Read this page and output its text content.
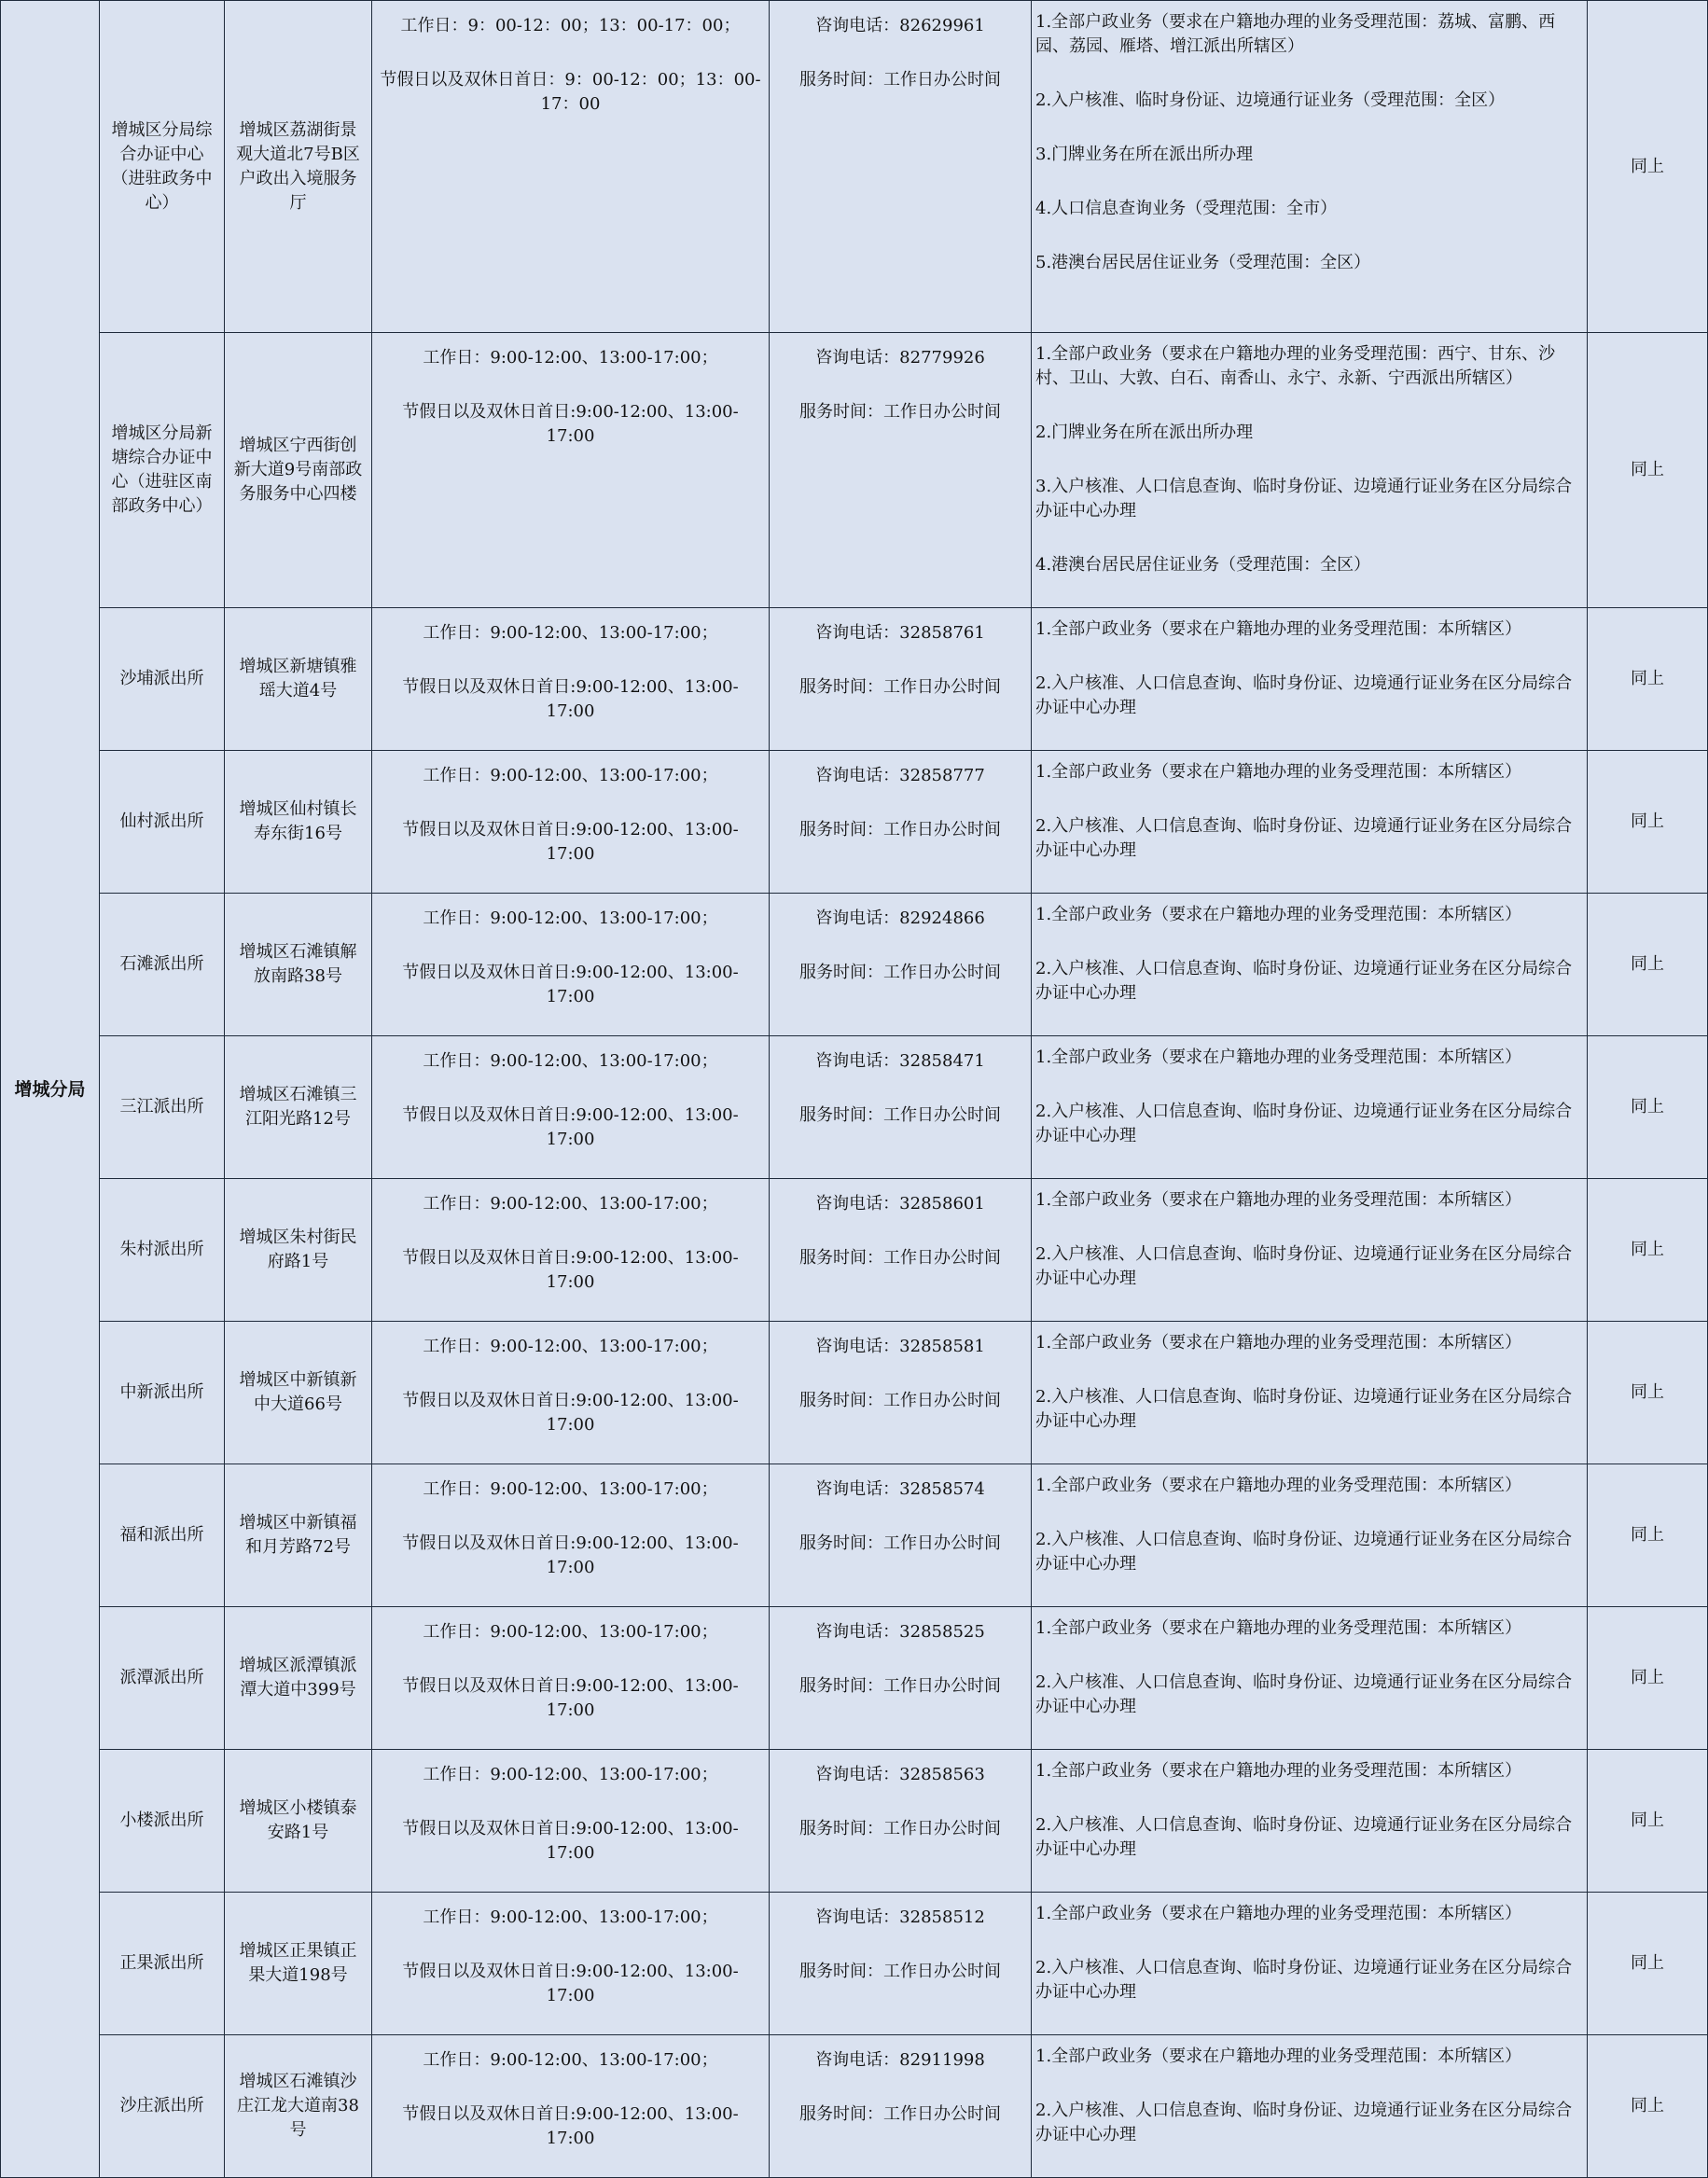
增城分局	增城区分局综合办证中心（进驻政务中心）	增城区荔湖街景观大道北7号B区户政出入境服务厅	工作日：9：00-12：00；13：00-17：00；
节假日以及双休日首日：9：00-12：00；13：00-17：00	咨询电话：82629961
服务时间：工作日办公时间	1.全部户政业务（要求在户籍地办理的业务受理范围：荔城、富鹏、西园、荔园、雁塔、增江派出所辖区）
2.入户核准、临时身份证、边境通行证业务（受理范围：全区）
3.门牌业务在所在派出所办理
4.人口信息查询业务（受理范围：全市）
5.港澳台居民居住证业务（受理范围：全区）	同上
	增城区分局新塘综合办证中心（进驻区南部政务中心）	增城区宁西街创新大道9号南部政务服务中心四楼	工作日：9:00-12:00、13:00-17:00；
节假日以及双休日首日:9:00-12:00、13:00-17:00	咨询电话：82779926
服务时间：工作日办公时间	1.全部户政业务（要求在户籍地办理的业务受理范围：西宁、甘东、沙村、卫山、大敦、白石、南香山、永宁、永新、宁西派出所辖区）
2.门牌业务在所在派出所办理
3.入户核准、人口信息查询、临时身份证、边境通行证业务在区分局综合办证中心办理
4.港澳台居民居住证业务（受理范围：全区）	同上
	沙埔派出所	增城区新塘镇雅瑶大道4号	工作日：9:00-12:00、13:00-17:00；
节假日以及双休日首日:9:00-12:00、13:00-17:00	咨询电话：32858761
服务时间：工作日办公时间	1.全部户政业务（要求在户籍地办理的业务受理范围：本所辖区）
2.入户核准、人口信息查询、临时身份证、边境通行证业务在区分局综合办证中心办理	同上
	仙村派出所	增城区仙村镇长寿东街16号	工作日：9:00-12:00、13:00-17:00；
节假日以及双休日首日:9:00-12:00、13:00-17:00	咨询电话：32858777
服务时间：工作日办公时间	1.全部户政业务（要求在户籍地办理的业务受理范围：本所辖区）
2.入户核准、人口信息查询、临时身份证、边境通行证业务在区分局综合办证中心办理	同上
	石滩派出所	增城区石滩镇解放南路38号	工作日：9:00-12:00、13:00-17:00；
节假日以及双休日首日:9:00-12:00、13:00-17:00	咨询电话：82924866
服务时间：工作日办公时间	1.全部户政业务（要求在户籍地办理的业务受理范围：本所辖区）
2.入户核准、人口信息查询、临时身份证、边境通行证业务在区分局综合办证中心办理	同上
	三江派出所	增城区石滩镇三江阳光路12号	工作日：9:00-12:00、13:00-17:00；
节假日以及双休日首日:9:00-12:00、13:00-17:00	咨询电话：32858471
服务时间：工作日办公时间	1.全部户政业务（要求在户籍地办理的业务受理范围：本所辖区）
2.入户核准、人口信息查询、临时身份证、边境通行证业务在区分局综合办证中心办理	同上
	朱村派出所	增城区朱村街民府路1号	工作日：9:00-12:00、13:00-17:00；
节假日以及双休日首日:9:00-12:00、13:00-17:00	咨询电话：32858601
服务时间：工作日办公时间	1.全部户政业务（要求在户籍地办理的业务受理范围：本所辖区）
2.入户核准、人口信息查询、临时身份证、边境通行证业务在区分局综合办证中心办理	同上
	中新派出所	增城区中新镇新中大道66号	工作日：9:00-12:00、13:00-17:00；
节假日以及双休日首日:9:00-12:00、13:00-17:00	咨询电话：32858581
服务时间：工作日办公时间	1.全部户政业务（要求在户籍地办理的业务受理范围：本所辖区）
2.入户核准、人口信息查询、临时身份证、边境通行证业务在区分局综合办证中心办理	同上
	福和派出所	增城区中新镇福和月芳路72号	工作日：9:00-12:00、13:00-17:00；
节假日以及双休日首日:9:00-12:00、13:00-17:00	咨询电话：32858574
服务时间：工作日办公时间	1.全部户政业务（要求在户籍地办理的业务受理范围：本所辖区）
2.入户核准、人口信息查询、临时身份证、边境通行证业务在区分局综合办证中心办理	同上
	派潭派出所	增城区派潭镇派潭大道中399号	工作日：9:00-12:00、13:00-17:00；
节假日以及双休日首日:9:00-12:00、13:00-17:00	咨询电话：32858525
服务时间：工作日办公时间	1.全部户政业务（要求在户籍地办理的业务受理范围：本所辖区）
2.入户核准、人口信息查询、临时身份证、边境通行证业务在区分局综合办证中心办理	同上
	小楼派出所	增城区小楼镇泰安路1号	工作日：9:00-12:00、13:00-17:00；
节假日以及双休日首日:9:00-12:00、13:00-17:00	咨询电话：32858563
服务时间：工作日办公时间	1.全部户政业务（要求在户籍地办理的业务受理范围：本所辖区）
2.入户核准、人口信息查询、临时身份证、边境通行证业务在区分局综合办证中心办理	同上
	正果派出所	增城区正果镇正果大道198号	工作日：9:00-12:00、13:00-17:00；
节假日以及双休日首日:9:00-12:00、13:00-17:00	咨询电话：32858512
服务时间：工作日办公时间	1.全部户政业务（要求在户籍地办理的业务受理范围：本所辖区）
2.入户核准、人口信息查询、临时身份证、边境通行证业务在区分局综合办证中心办理	同上
	沙庄派出所	增城区石滩镇沙庄江龙大道南38号	工作日：9:00-12:00、13:00-17:00；
节假日以及双休日首日:9:00-12:00、13:00-17:00	咨询电话：82911998
服务时间：工作日办公时间	1.全部户政业务（要求在户籍地办理的业务受理范围：本所辖区）
2.入户核准、人口信息查询、临时身份证、边境通行证业务在区分局综合办证中心办理	同上
